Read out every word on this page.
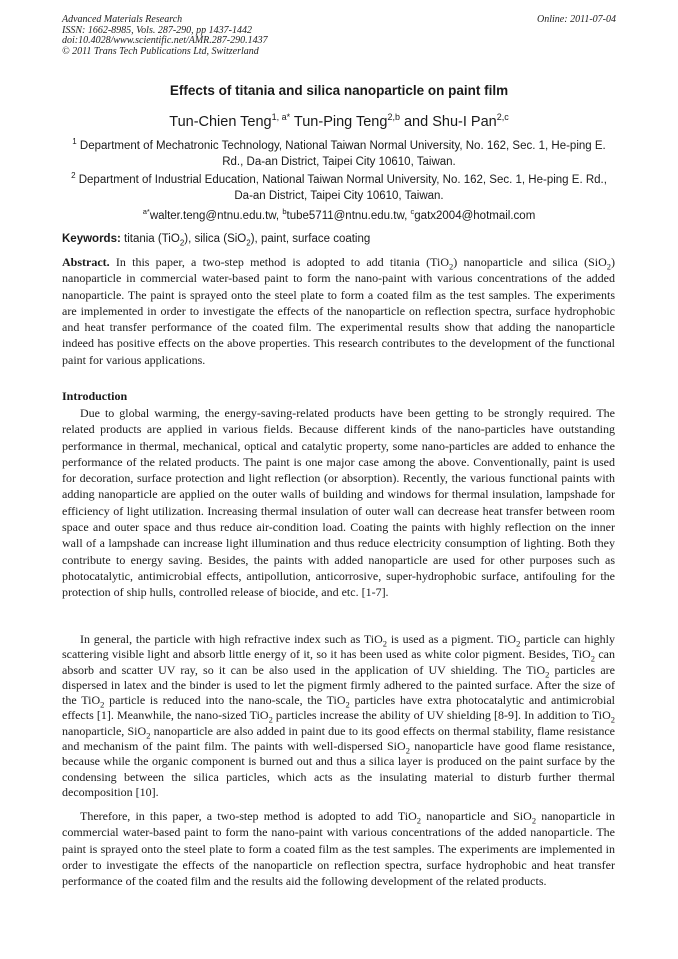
Advanced Materials Research
ISSN: 1662-8985, Vols. 287-290, pp 1437-1442
doi:10.4028/www.scientific.net/AMR.287-290.1437
© 2011 Trans Tech Publications Ltd, Switzerland
Online: 2011-07-04
Effects of titania and silica nanoparticle on paint film
Tun-Chien Teng$^{1, a*}$ Tun-Ping Teng$^{2,b}$ and Shu-I Pan$^{2,c}$
$^1$ Department of Mechatronic Technology, National Taiwan Normal University, No. 162, Sec. 1, He-ping E. Rd., Da-an District, Taipei City 10610, Taiwan.
$^2$ Department of Industrial Education, National Taiwan Normal University, No. 162, Sec. 1, He-ping E. Rd., Da-an District, Taipei City 10610, Taiwan.
$^{a*}$walter.teng@ntnu.edu.tw, $^b$tube5711@ntnu.edu.tw, $^c$gatx2004@hotmail.com
Keywords: titania (TiO$_2$), silica (SiO$_2$), paint, surface coating
Abstract. In this paper, a two-step method is adopted to add titania (TiO$_2$) nanoparticle and silica (SiO$_2$) nanoparticle in commercial water-based paint to form the nano-paint with various concentrations of the added nanoparticle. The paint is sprayed onto the steel plate to form a coated film as the test samples. The experiments are implemented in order to investigate the effects of the nanoparticle on reflection spectra, surface hydrophobic and heat transfer performance of the coated film. The experimental results show that adding the nanoparticle indeed has positive effects on the above properties. This research contributes to the development of the functional paint for various applications.
Introduction
Due to global warming, the energy-saving-related products have been getting to be strongly required. The related products are applied in various fields. Because different kinds of the nano-particles have outstanding performance in thermal, mechanical, optical and catalytic property, some nano-particles are added to enhance the performance of the related products. The paint is one major case among the above. Conventionally, paint is used for decoration, surface protection and light reflection (or absorption). Recently, the various functional paints with adding nanoparticle are applied on the outer walls of building and windows for thermal insulation, lampshade for efficiency of light utilization. Increasing thermal insulation of outer wall can decrease heat transfer between room space and outer space and thus reduce air-condition load. Coating the paints with highly reflection on the inner wall of a lampshade can increase light illumination and thus reduce electricity consumption of lighting. Both they contribute to energy saving. Besides, the paints with added nanoparticle are used for other purposes such as photocatalytic, antimicrobial effects, antipollution, anticorrosive, super-hydrophobic surface, antifouling for the protection of ship hulls, controlled release of biocide, and etc. [1-7].
In general, the particle with high refractive index such as TiO$_2$ is used as a pigment. TiO$_2$ particle can highly scattering visible light and absorb little energy of it, so it has been used as white color pigment. Besides, TiO$_2$ can absorb and scatter UV ray, so it can be also used in the application of UV shielding. The TiO$_2$ particles are dispersed in latex and the binder is used to let the pigment firmly adhered to the painted surface. After the size of the TiO$_2$ particle is reduced into the nano-scale, the TiO$_2$ particles have extra photocatalytic and antimicrobial effects [1]. Meanwhile, the nano-sized TiO$_2$ particles increase the ability of UV shielding [8-9]. In addition to TiO$_2$ nanoparticle, SiO$_2$ nanoparticle are also added in paint due to its good effects on thermal stability, flame resistance and mechanism of the paint film. The paints with well-dispersed SiO$_2$ nanoparticle have good flame resistance, because while the organic component is burned out and thus a silica layer is produced on the paint surface by the condensing between the silica particles, which acts as the insulating material to disturb further thermal decomposition [10].
Therefore, in this paper, a two-step method is adopted to add TiO$_2$ nanoparticle and SiO$_2$ nanoparticle in commercial water-based paint to form the nano-paint with various concentrations of the added nanoparticle. The paint is sprayed onto the steel plate to form a coated film as the test samples. The experiments are implemented in order to investigate the effects of the nanoparticle on reflection spectra, surface hydrophobic and heat transfer performance of the coated film and the results aid the following development of the related products.
